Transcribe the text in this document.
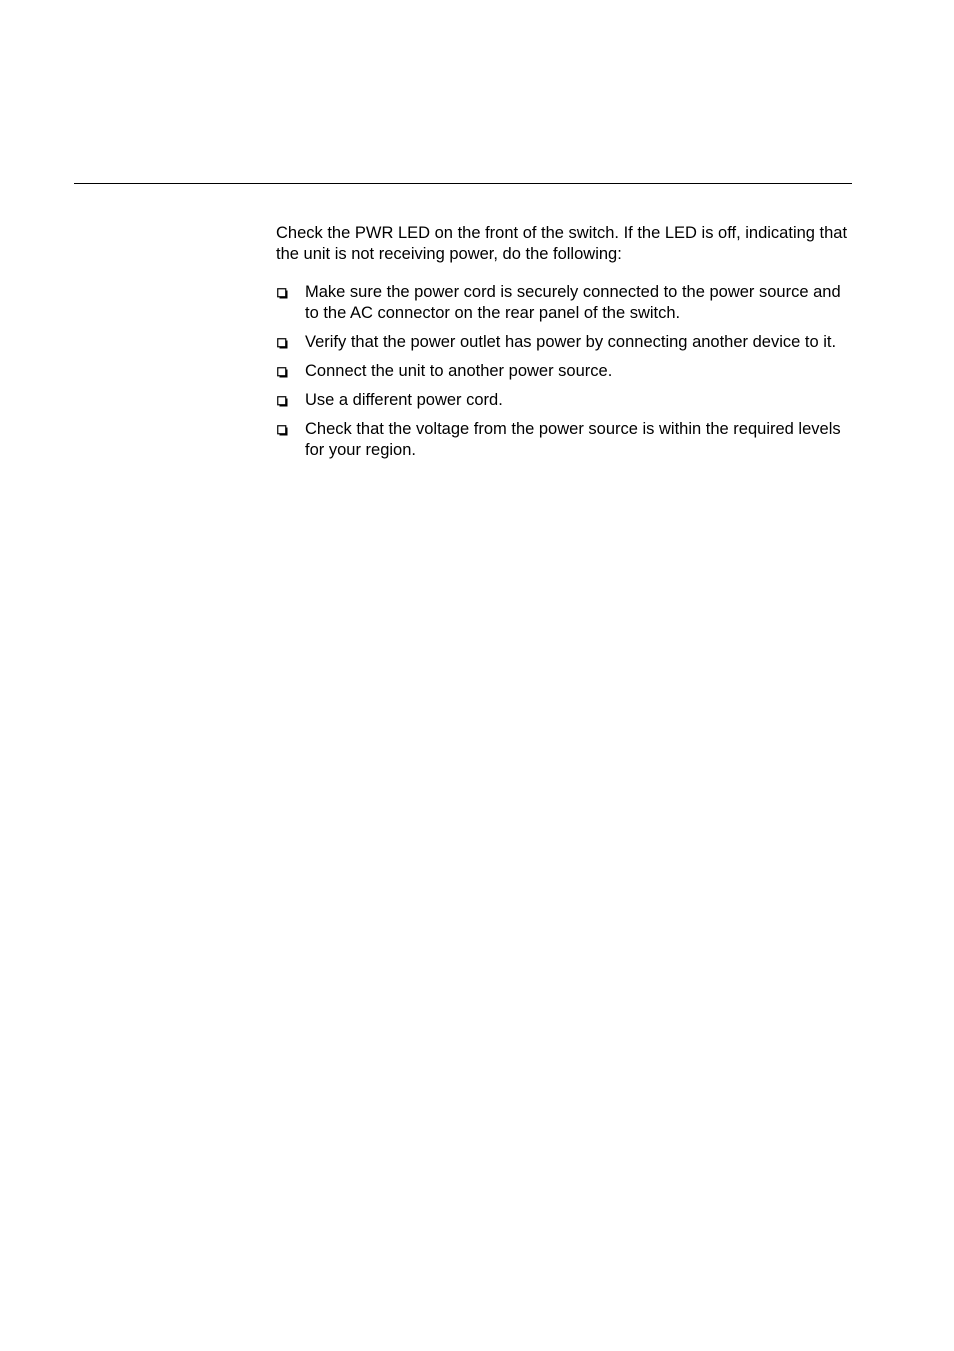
Check the PWR LED on the front of the switch. If the LED is off, indicating that the unit is not receiving power, do the following:

Make sure the power cord is securely connected to the power source and to the AC connector on the rear panel of the switch.
Verify that the power outlet has power by connecting another device to it.
Connect the unit to another power source.
Use a different power cord.
Check that the voltage from the power source is within the required levels for your region.
